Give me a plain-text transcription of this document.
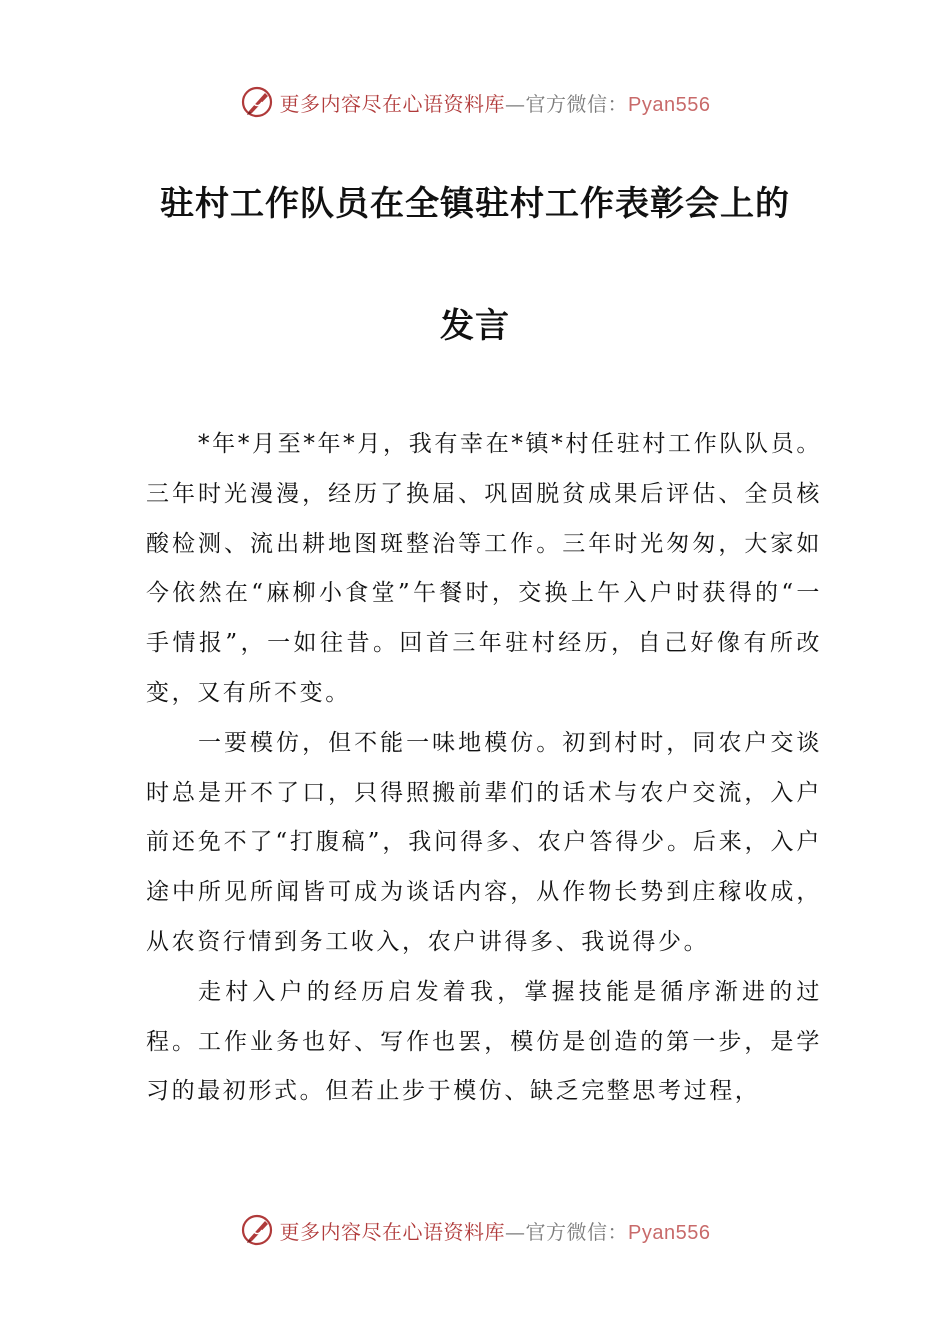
更多内容尽在心语资料库—官方微信：Pyan556
驻村工作队员在全镇驻村工作表彰会上的
发言

*年*月至*年*月，我有幸在*镇*村任驻村工作队队员。三年时光漫漫，经历了换届、巩固脱贫成果后评估、全员核酸检测、流出耕地图斑整治等工作。三年时光匆匆，大家如今依然在“麻柳小食堂”午餐时，交换上午入户时获得的“一手情报”，一如往昔。回首三年驻村经历，自己好像有所改变，又有所不变。

一要模仿，但不能一味地模仿。初到村时，同农户交谈时总是开不了口，只得照搬前辈们的话术与农户交流，入户前还免不了“打腹稿”，我问得多、农户答得少。后来，入户途中所见所闻皆可成为谈话内容，从作物长势到庄稼收成，从农资行情到务工收入，农户讲得多、我说得少。

走村入户的经历启发着我，掌握技能是循序渐进的过程。工作业务也好、写作也罢，模仿是创造的第一步，是学习的最初形式。但若止步于模仿、缺乏完整思考过程，

更多内容尽在心语资料库—官方微信：Pyan556
